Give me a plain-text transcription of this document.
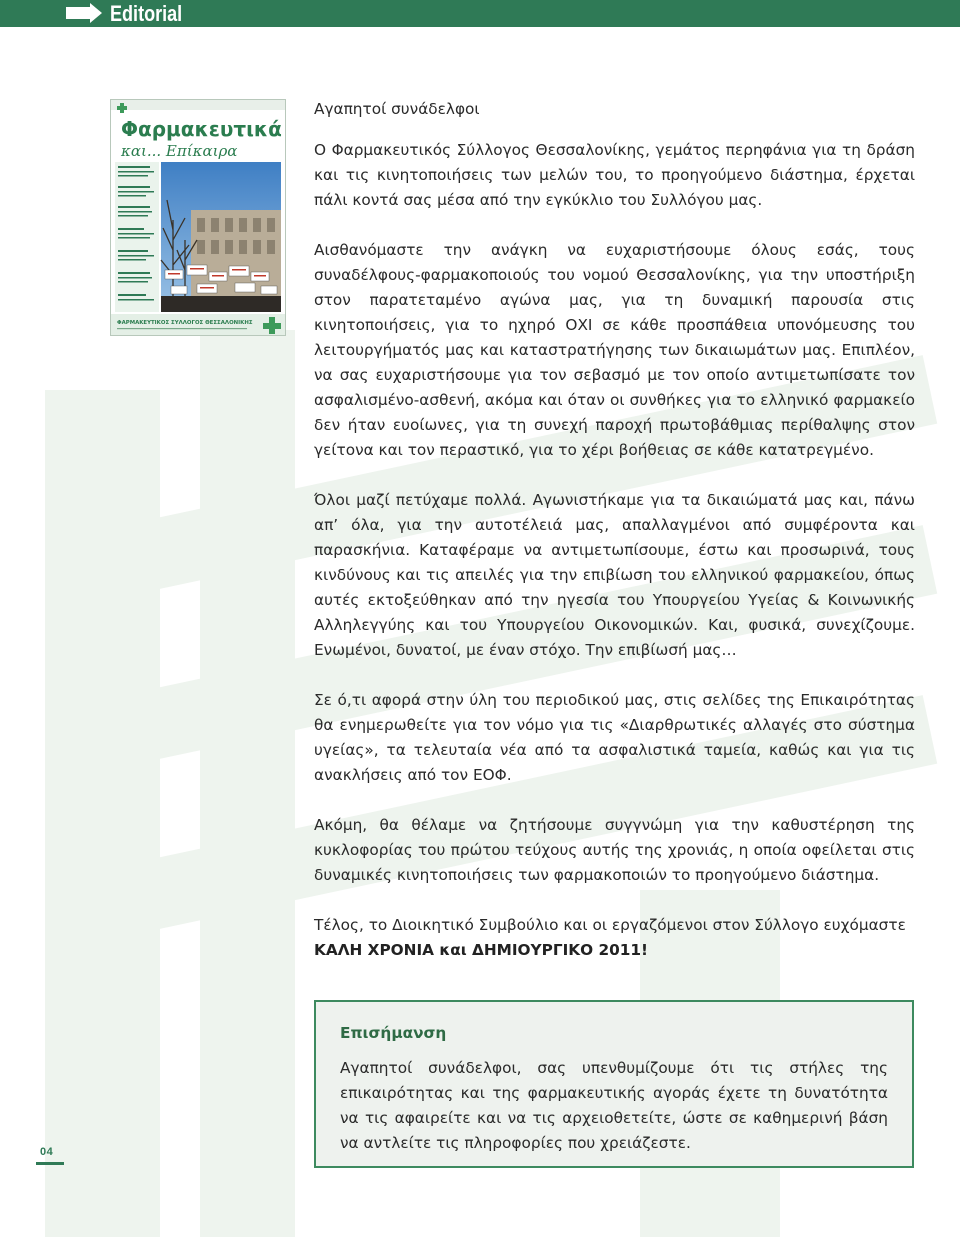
Editorial
Φαρμακευτικά
και... Επίκαιρα
ΦΑΡΜΑΚΕΥΤΙΚΟΣ ΣΥΛΛΟΓΟΣ ΘΕΣΣΑΛΟΝΙΚΗΣ

Αγαπητοί συνάδελφοι

Ο Φαρμακευτικός Σύλλογος Θεσσαλονίκης, γεμάτος περηφάνια για τη δράση και τις κινητοποιήσεις των μελών του, το προηγούμενο διάστημα, έρχεται πάλι κοντά σας μέσα από την εγκύκλιο του Συλλόγου μας.

Αισθανόμαστε την ανάγκη να ευχαριστήσουμε όλους εσάς, τους συναδέλφους-φαρμακοποιούς του νομού Θεσσαλονίκης, για την υποστήριξη στον παρατεταμένο αγώνα μας, για τη δυναμική παρουσία στις κινητοποιήσεις, για το ηχηρό ΟΧΙ σε κάθε προσπάθεια υπονόμευσης του λειτουργήματός μας και καταστρατήγησης των δικαιωμάτων μας. Επιπλέον, να σας ευχαριστήσουμε για τον σεβασμό με τον οποίο αντιμετωπίσατε τον ασφαλισμένο-ασθενή, ακόμα και όταν οι συνθήκες για το ελληνικό φαρμακείο δεν ήταν ευοίωνες, για τη συνεχή παροχή πρωτοβάθμιας περίθαλψης στον γείτονα και τον περαστικό, για το χέρι βοήθειας σε κάθε κατατρεγμένο.

Όλοι μαζί πετύχαμε πολλά. Αγωνιστήκαμε για τα δικαιώματά μας και, πάνω απ’ όλα, για την αυτοτέλειά μας, απαλλαγμένοι από συμφέροντα και παρασκήνια. Καταφέραμε να αντιμετωπίσουμε, έστω και προσωρινά, τους κινδύνους και τις απειλές για την επιβίωση του ελληνικού φαρμακείου, όπως αυτές εκτοξεύθηκαν από την ηγεσία του Υπουργείου Υγείας & Κοινωνικής Αλληλεγγύης και του Υπουργείου Οικονομικών. Και, φυσικά, συνεχίζουμε. Ενωμένοι, δυνατοί, με έναν στόχο. Την επιβίωσή μας…

Σε ό,τι αφορά στην ύλη του περιοδικού μας, στις σελίδες της Επικαιρότητας θα ενημερωθείτε για τον νόμο για τις «Διαρθρωτικές αλλαγές στο σύστημα υγείας», τα τελευταία νέα από τα ασφαλιστικά ταμεία, καθώς και για τις ανακλήσεις από τον ΕΟΦ.

Ακόμη, θα θέλαμε να ζητήσουμε συγγνώμη για την καθυστέρηση της κυκλοφορίας του πρώτου τεύχους αυτής της χρονιάς, η οποία οφείλεται στις δυναμικές κινητοποιήσεις των φαρμακοποιών το προηγούμενο διάστημα.

Τέλος, το Διοικητικό Συμβούλιο και οι εργαζόμενοι στον Σύλλογο ευχόμαστε
ΚΑΛΗ ΧΡΟΝΙΑ και ΔΗΜΙΟΥΡΓΙΚΟ 2011!

Επισήμανση
Αγαπητοί συνάδελφοι, σας υπενθυμίζουμε ότι τις στήλες της επικαιρότητας και της φαρμακευτικής αγοράς έχετε τη δυνατότητα να τις αφαιρείτε και να τις αρχειοθετείτε, ώστε σε καθημερινή βάση να αντλείτε τις πληροφορίες που χρειάζεστε.
04
